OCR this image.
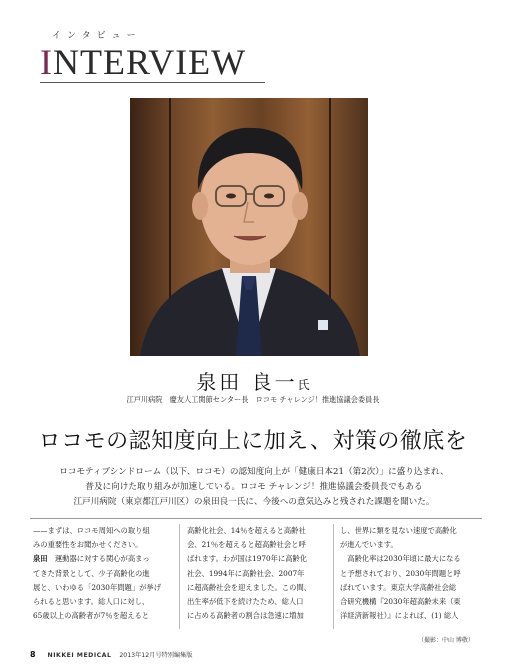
インタビュー
INTERVIEW
泉田 良一氏
江戸川病院　慶友人工関節センター長　ロコモ チャレンジ！推進協議会委員長
ロコモの認知度向上に加え、対策の徹底を
ロコモティブシンドローム（以下、ロコモ）の認知度向上が「健康日本21（第2次）」に盛り込まれ、
普及に向けた取り組みが加速している。ロコモ チャレンジ！推進協議会委員長でもある
江戸川病院（東京都江戸川区）の泉田良一氏に、今後への意気込みと残された課題を聞いた。
——まずは、ロコモ周知への取り組
みの重要性をお聞かせください。
泉田　運動器に対する関心が高まっ
てきた背景として、少子高齢化の進
展と、いわゆる「2030年問題」が挙げ
られると思います。総人口に対し、
65歳以上の高齢者が7％を超えると
高齢化社会、14％を超えると高齢社
会、21％を超えると超高齢社会と呼
ばれます。わが国は1970年に高齢化
社会、1994年に高齢社会、2007年
に超高齢社会を迎えました。この間、
出生率が低下を続けたため、総人口
に占める高齢者の割合は急速に増加
し、世界に類を見ない速度で高齢化
が進んでいます。
　高齢化率は2030年頃に最大になる
と予想されており、2030年問題と呼
ばれています。東京大学高齢社会総
合研究機構『2030年超高齢未来（東
洋経済新報社）』によれば、(1) 総人
（撮影：中山 博敬）
8 NIKKEI MEDICAL 2013年12月号特別編集版
